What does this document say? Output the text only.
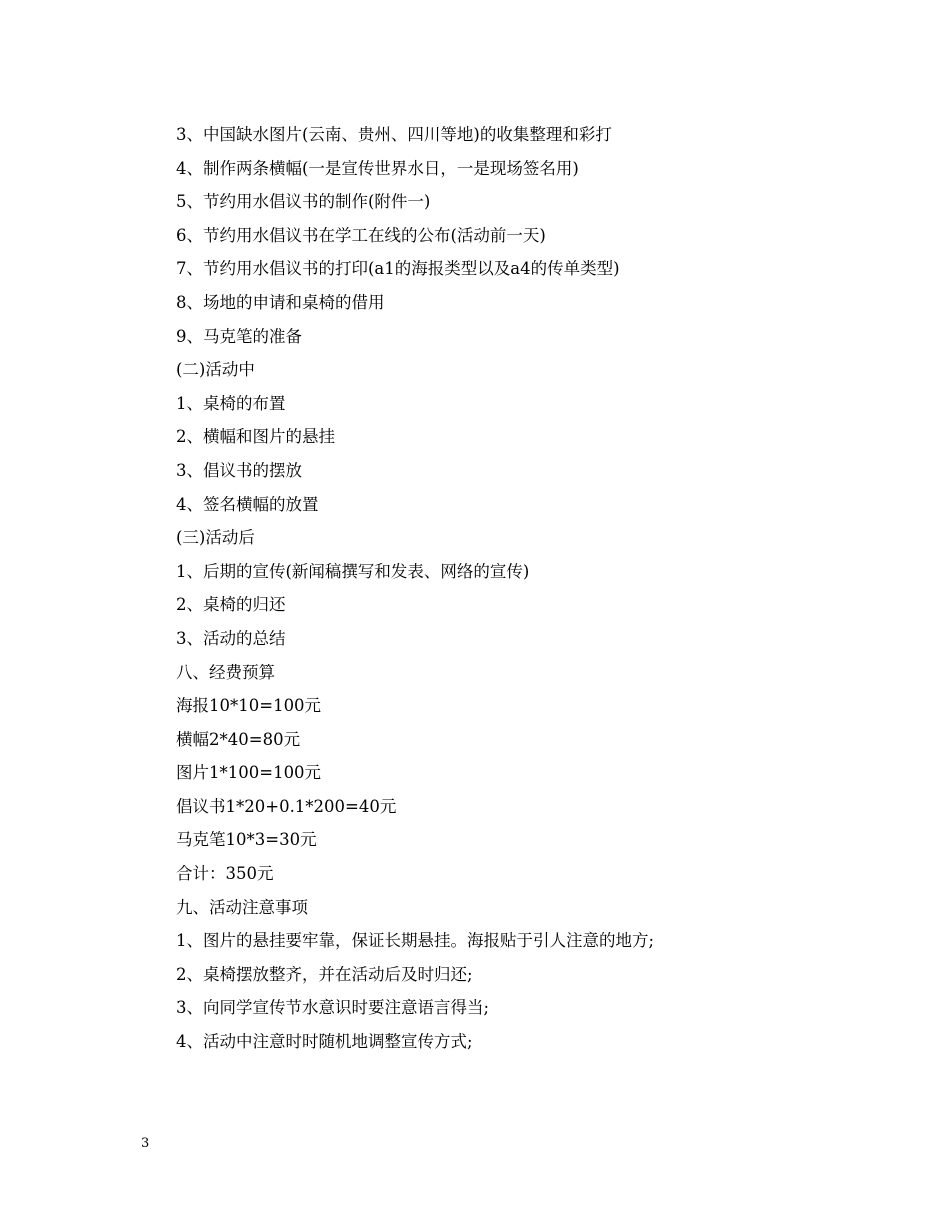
3、中国缺水图片(云南、贵州、四川等地)的收集整理和彩打
4、制作两条横幅(一是宣传世界水日，一是现场签名用)
5、节约用水倡议书的制作(附件一)
6、节约用水倡议书在学工在线的公布(活动前一天)
7、节约用水倡议书的打印(a1的海报类型以及a4的传单类型)
8、场地的申请和桌椅的借用
9、马克笔的准备
(二)活动中
1、桌椅的布置
2、横幅和图片的悬挂
3、倡议书的摆放
4、签名横幅的放置
(三)活动后
1、后期的宣传(新闻稿撰写和发表、网络的宣传)
2、桌椅的归还
3、活动的总结
八、经费预算
海报10*10=100元
横幅2*40=80元
图片1*100=100元
倡议书1*20+0.1*200=40元
马克笔10*3=30元
合计：350元
九、活动注意事项
1、图片的悬挂要牢靠，保证长期悬挂。海报贴于引人注意的地方;
2、桌椅摆放整齐，并在活动后及时归还;
3、向同学宣传节水意识时要注意语言得当;
4、活动中注意时时随机地调整宣传方式;
3
